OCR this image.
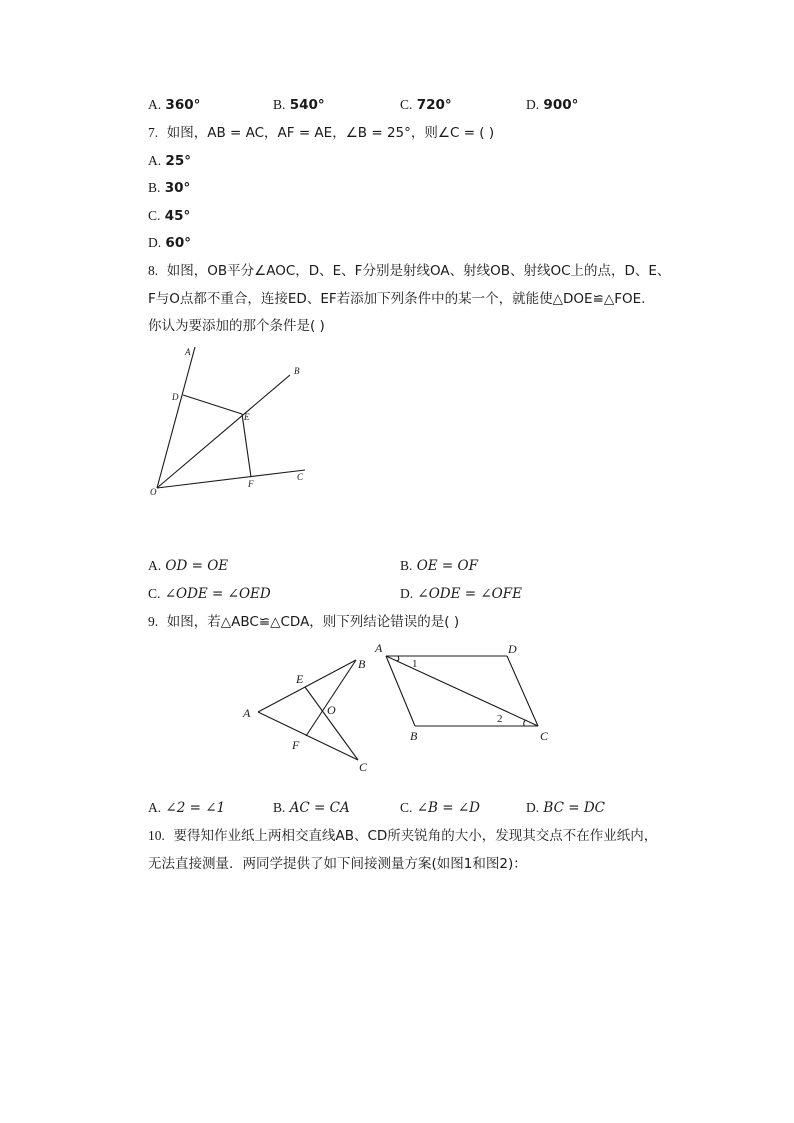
A. 360°	B. 540°	C. 720°	D. 900°
7. 如图，AB = AC，AF = AE，∠B = 25°，则∠C = ( )
A. 25°
B. 30°
C. 45°
D. 60°
8. 如图，OB平分∠AOC，D、E、F分别是射线OA、射线OB、射线OC上的点，D、E、
F与O点都不重合，连接ED、EF若添加下列条件中的某一个，就能使△DOE≌△FOE.
你认为要添加的那个条件是( )
A
B
C
D
E
F
O
A. OD = OE	B. OE = OF
C. ∠ODE = ∠OED	D. ∠ODE = ∠OFE
9. 如图，若△ABC≌△CDA，则下列结论错误的是( )
A
B
C
E
F
O
A	D
B	C
1
2
A. ∠2 = ∠1	B. AC = CA	C. ∠B = ∠D	D. BC = DC
10. 要得知作业纸上两相交直线AB、CD所夹锐角的大小，发现其交点不在作业纸内，
无法直接测量．两同学提供了如下间接测量方案(如图1和图2)：
